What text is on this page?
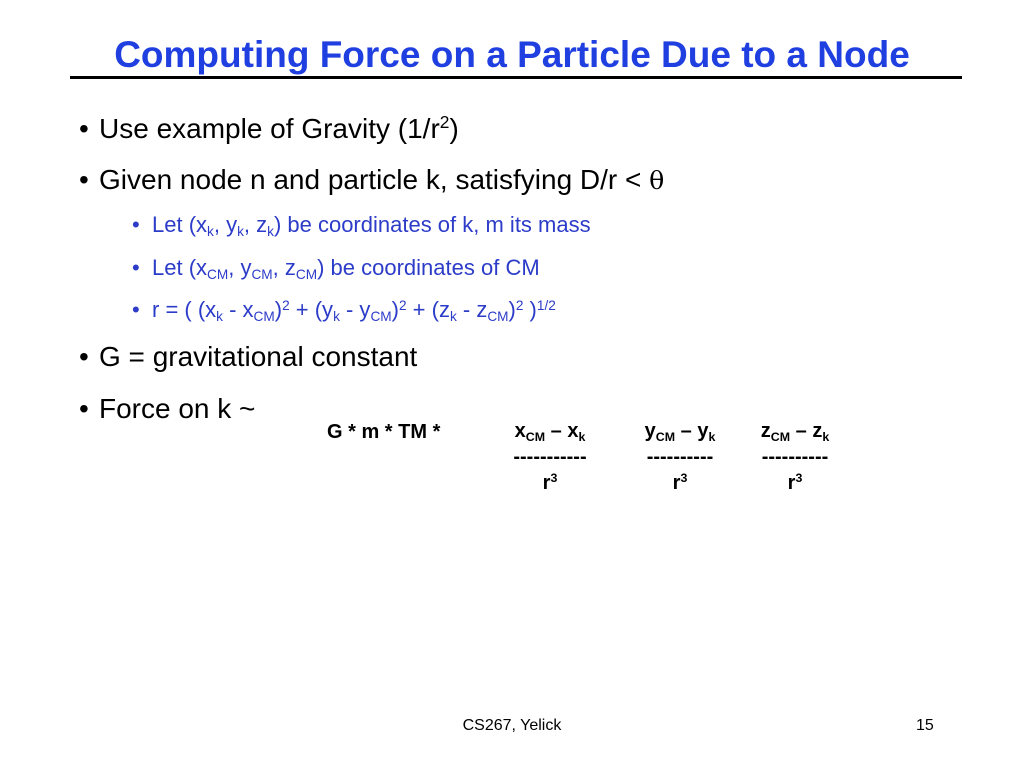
Computing Force on a Particle Due to a Node
• Use example of Gravity $(1/r^2)$
• Given node n and particle k, satisfying D/r < θ
• Let ($x_k$, $y_k$, $z_k$) be coordinates of k, m its mass
• Let ($x_{CM}$, $y_{CM}$, $z_{CM}$) be coordinates of CM
• r = ( $(x_k - x_{CM})^2 + (y_k - y_{CM})^2 + (z_k - z_{CM})^2$ )$^{1/2}$
• G = gravitational constant
• Force on k ~
G * m * TM *	$x_{CM} - x_k$
-----------
$r^3$
$y_{CM} - y_k$
----------
$r^3$
$z_{CM} - z_k$
----------
$r^3$
CS267, Yelick	15
